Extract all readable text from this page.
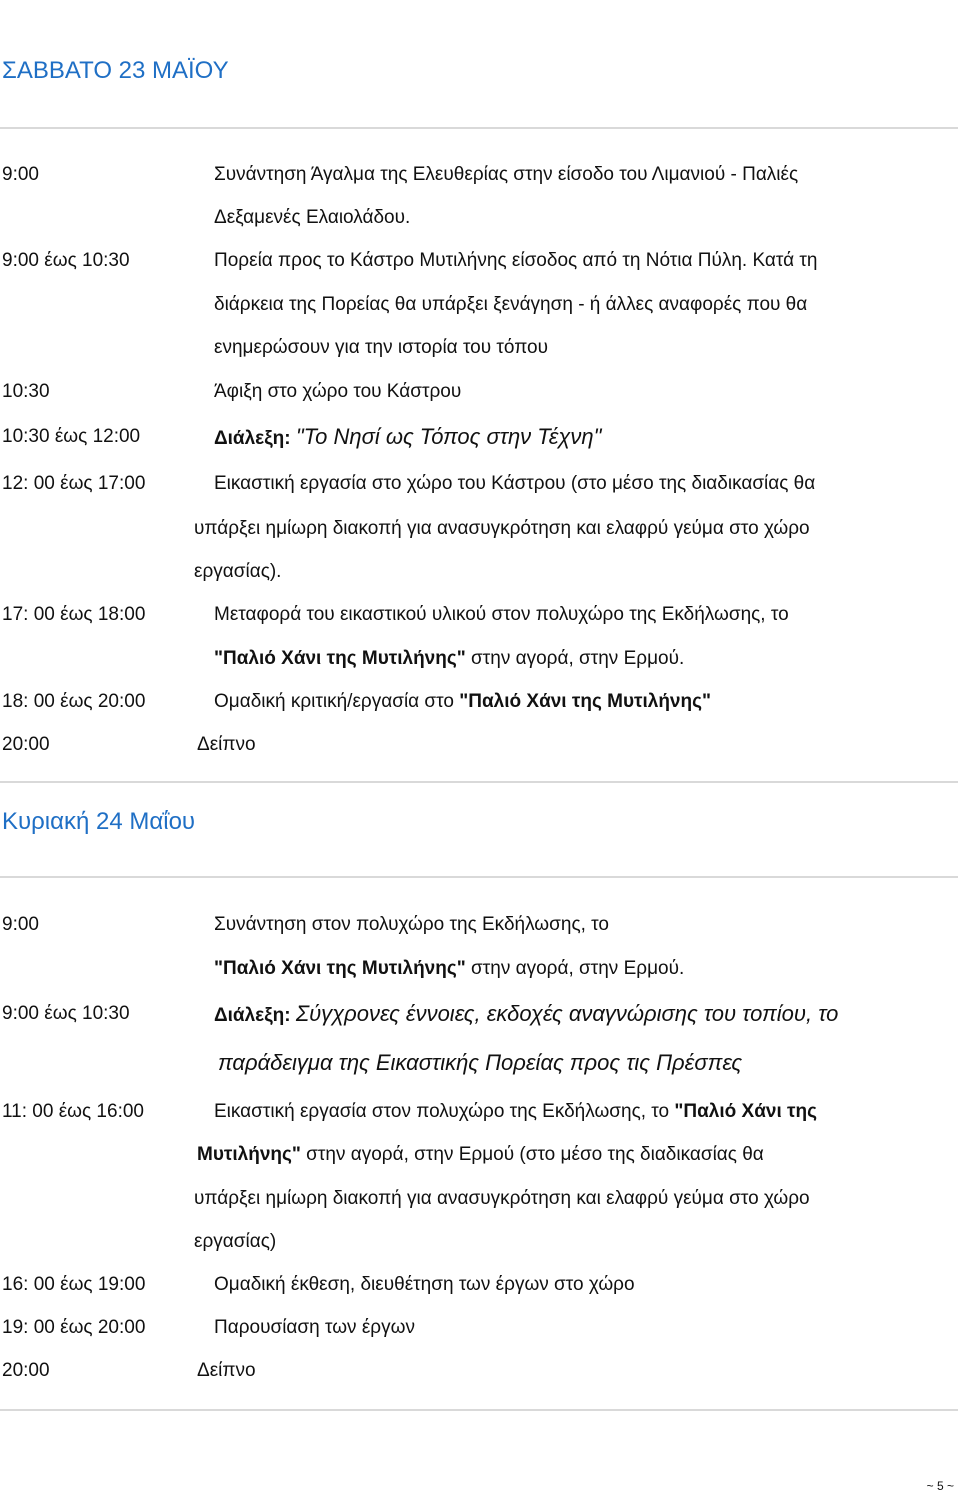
ΣΑΒΒΑΤΟ 23 ΜΑΪΟΥ
9:00	Συνάντηση Άγαλμα της Ελευθερίας στην είσοδο του Λιμανιού - Παλιές
Δεξαμενές Ελαιολάδου.
9:00 έως 10:30	Πορεία προς το Κάστρο Μυτιλήνης είσοδος από τη Νότια Πύλη. Κατά τη
διάρκεια της Πορείας θα υπάρξει ξενάγηση - ή άλλες αναφορές που θα
ενημερώσουν για την ιστορία του τόπου
10:30	Άφιξη στο χώρο του Κάστρου
10:30 έως 12:00	Διάλεξη: "Το Νησί ως Τόπος στην Τέχνη"
12: 00 έως 17:00	Εικαστική εργασία στο χώρο του Κάστρου (στο μέσο της διαδικασίας θα
υπάρξει ημίωρη διακοπή για ανασυγκρότηση και ελαφρύ γεύμα στο χώρο
εργασίας).
17: 00 έως 18:00	Μεταφορά του εικαστικού υλικού στον πολυχώρο της Εκδήλωσης, το
"Παλιό Χάνι της Μυτιλήνης" στην αγορά, στην Ερμού.
18: 00 έως 20:00	Ομαδική κριτική/εργασία στο "Παλιό Χάνι της Μυτιλήνης"
20:00	Δείπνο
Κυριακή 24 Μαΐου
9:00	Συνάντηση στον πολυχώρο της Εκδήλωσης, το
"Παλιό Χάνι της Μυτιλήνης" στην αγορά, στην Ερμού.
9:00 έως 10:30	Διάλεξη: Σύγχρονες έννοιες, εκδοχές αναγνώρισης του τοπίου, το
παράδειγμα της Εικαστικής Πορείας προς τις Πρέσπες
11: 00 έως 16:00	Εικαστική εργασία στον πολυχώρο της Εκδήλωσης, το "Παλιό Χάνι της
Μυτιλήνης" στην αγορά, στην Ερμού (στο μέσο της διαδικασίας θα
υπάρξει ημίωρη διακοπή για ανασυγκρότηση και ελαφρύ γεύμα στο χώρο
εργασίας)
16: 00 έως 19:00	Ομαδική έκθεση, διευθέτηση των έργων στο χώρο
19: 00 έως 20:00	Παρουσίαση των έργων
20:00	Δείπνο
~ 5 ~
